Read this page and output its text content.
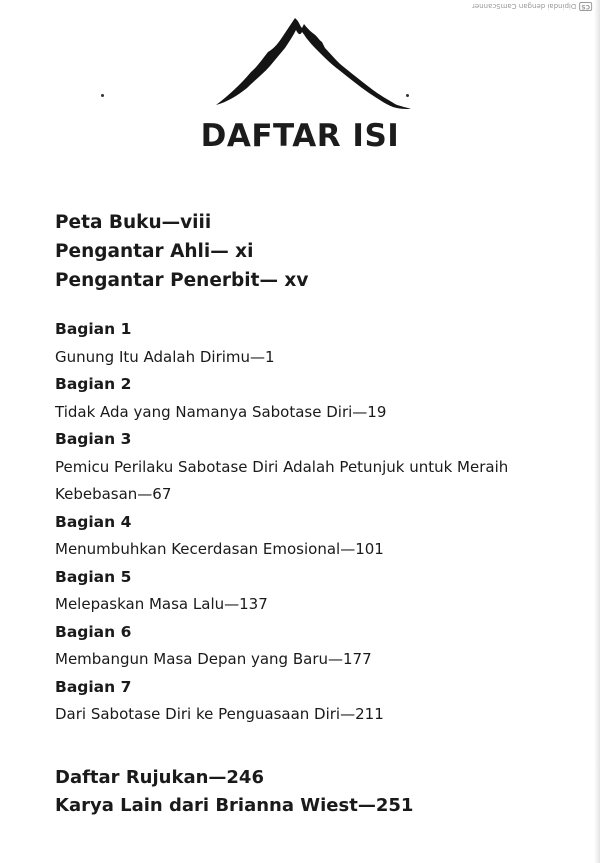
CS
Dipindai dengan CamScanner
DAFTAR ISI
Peta Buku—viii
Pengantar Ahli— xi
Pengantar Penerbit— xv
Bagian 1
Gunung Itu Adalah Dirimu—1
Bagian 2
Tidak Ada yang Namanya Sabotase Diri—19
Bagian 3
Pemicu Perilaku Sabotase Diri Adalah Petunjuk untuk Meraih
Kebebasan—67
Bagian 4
Menumbuhkan Kecerdasan Emosional—101
Bagian 5
Melepaskan Masa Lalu—137
Bagian 6
Membangun Masa Depan yang Baru—177
Bagian 7
Dari Sabotase Diri ke Penguasaan Diri—211
Daftar Rujukan—246
Karya Lain dari Brianna Wiest—251
